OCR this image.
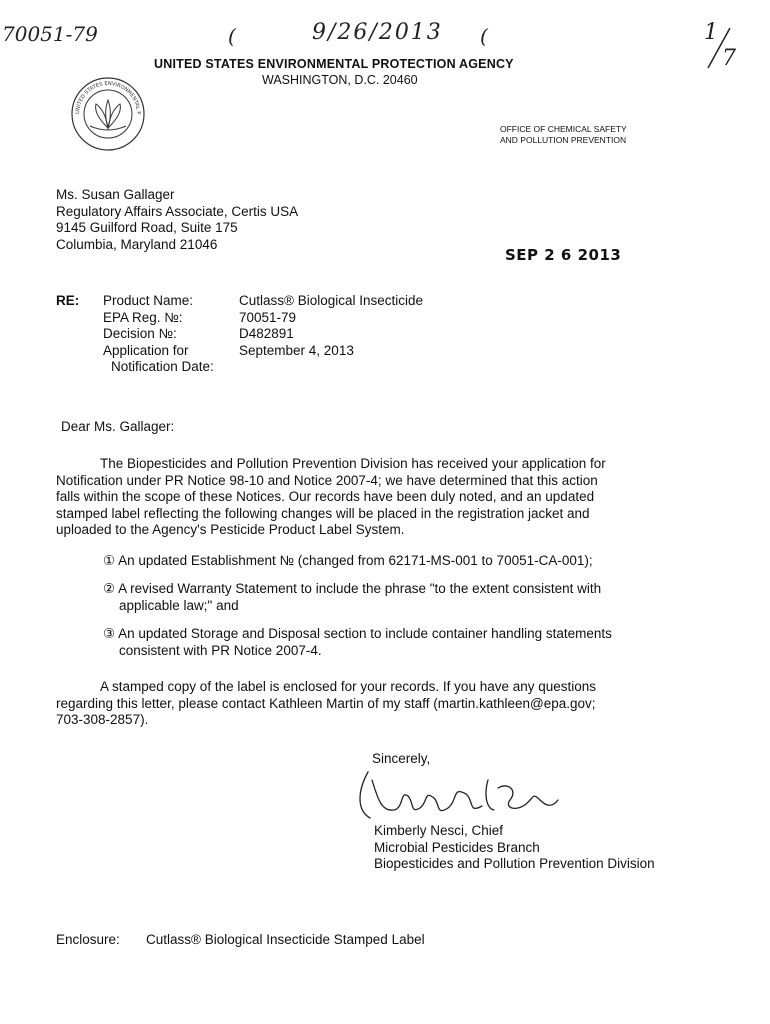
70051-79	(	9/26/2013 (	1
7
UNITED STATES ENVIRONMENTAL PROTECTION AGENCY
WASHINGTON, D.C. 20460
UNITED STATES ENVIRONMENTAL P
OFFICE OF CHEMICAL SAFETY
AND POLLUTION PREVENTION
Ms. Susan Gallager
Regulatory Affairs Associate, Certis USA
9145 Guilford Road, Suite 175
Columbia, Maryland 21046
SEP 2 6 2013
RE: Product Name:	Cutlass® Biological Insecticide
EPA Reg. №:	70051-79
Decision №:	D482891
Application for	September 4, 2013
Notification Date:
Dear Ms. Gallager:
The Biopesticides and Pollution Prevention Division has received your application for
Notification under PR Notice 98-10 and Notice 2007-4; we have determined that this action
falls within the scope of these Notices. Our records have been duly noted, and an updated
stamped label reflecting the following changes will be placed in the registration jacket and
uploaded to the Agency's Pesticide Product Label System.
① An updated Establishment № (changed from 62171-MS-001 to 70051-CA-001);
② A revised Warranty Statement to include the phrase "to the extent consistent with
applicable law;" and
③ An updated Storage and Disposal section to include container handling statements
consistent with PR Notice 2007-4.
A stamped copy of the label is enclosed for your records. If you have any questions
regarding this letter, please contact Kathleen Martin of my staff (martin.kathleen@epa.gov;
703-308-2857).
Sincerely,
Kimberly Nesci, Chief
Microbial Pesticides Branch
Biopesticides and Pollution Prevention Division
Enclosure: Cutlass® Biological Insecticide Stamped Label
